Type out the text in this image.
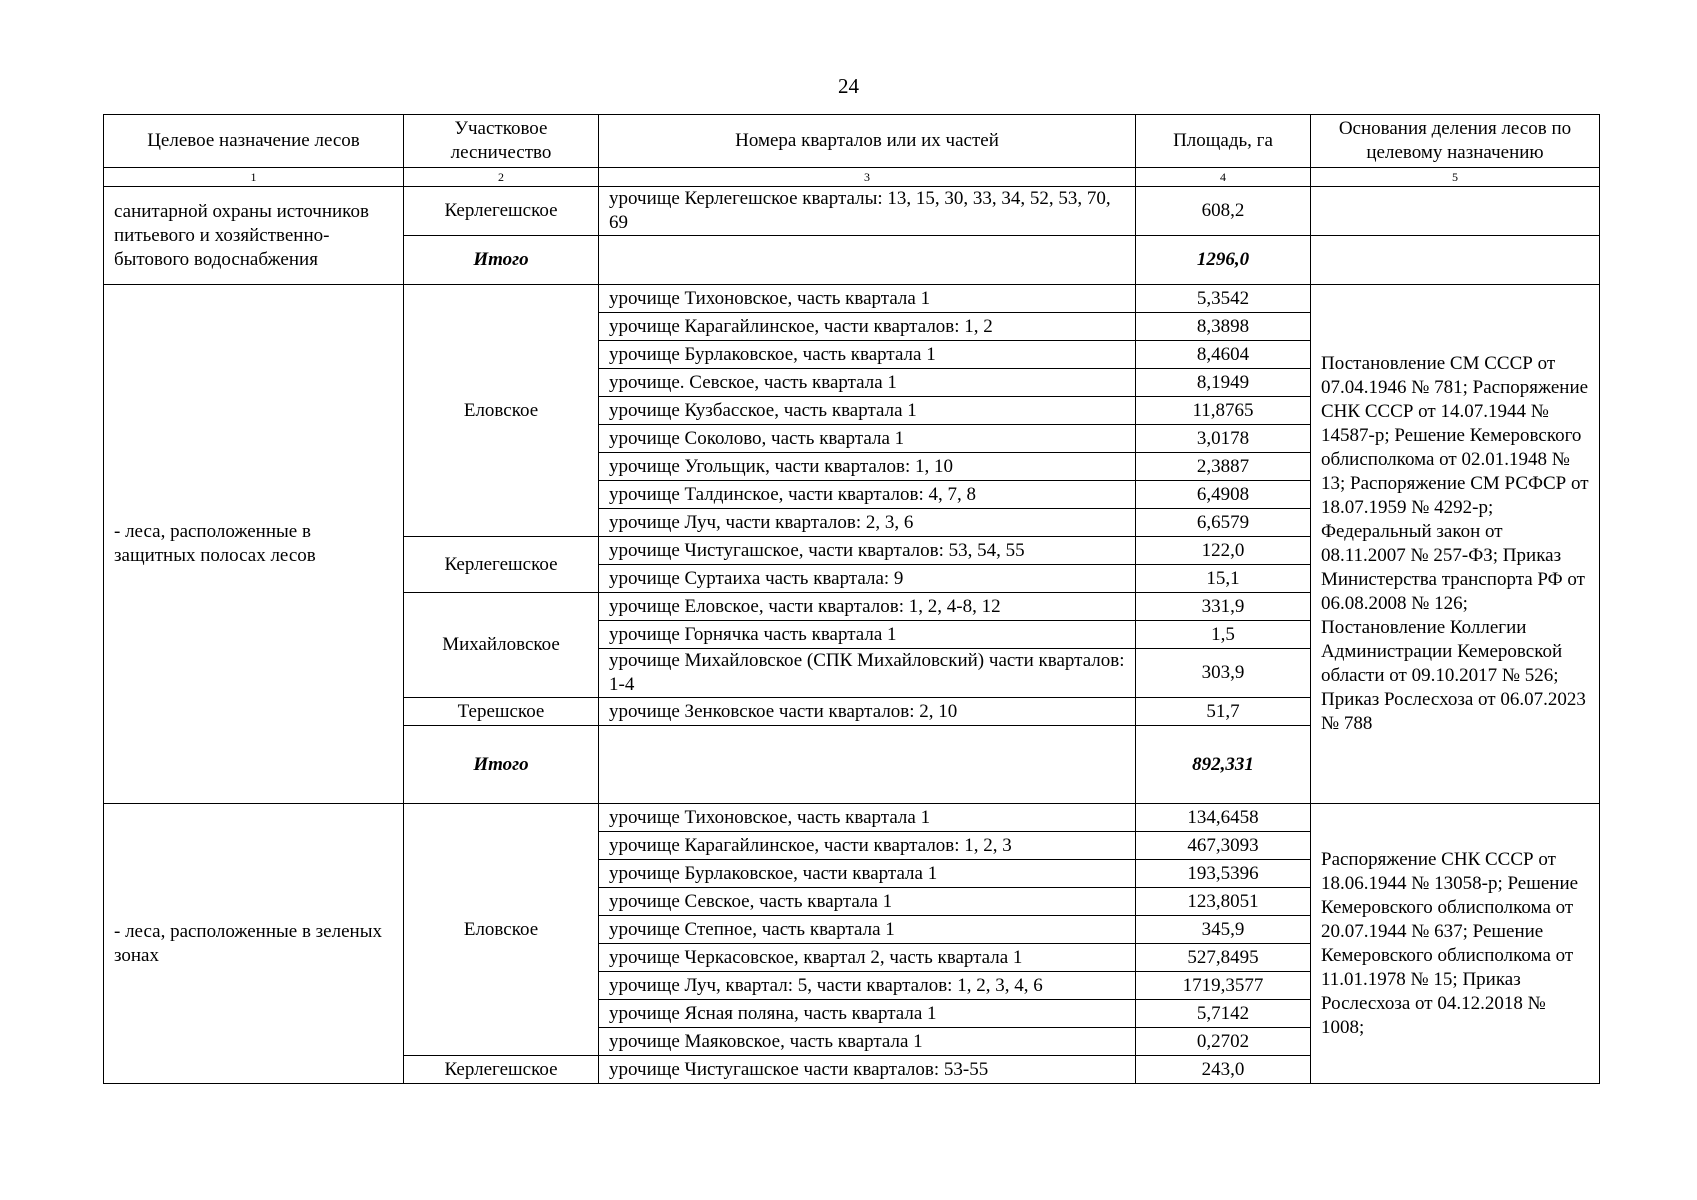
24
Целевое назначение лесов	Участковое лесничество	Номера кварталов или их частей	Площадь, га	Основания деления лесов по целевому назначению
1	2	3	4	5
санитарной охраны источников питьевого и хозяйственно-бытового водоснабжения	Керлегешское	урочище Керлегешское кварталы: 13, 15, 30, 33, 34, 52, 53, 70, 69	608,2	
	Итого		1296,0	
- леса, расположенные в защитных полосах лесов	Еловское	урочище Тихоновское, часть квартала 1	5,3542	Постановление СМ СССР от 07.04.1946 № 781; Распоряжение СНК СССР от 14.07.1944 № 14587-р; Решение Кемеровского облисполкома от 02.01.1948 № 13; Распоряжение СМ РСФСР от 18.07.1959 № 4292-р; Федеральный закон от 08.11.2007 № 257-ФЗ; Приказ Министерства транспорта РФ от 06.08.2008 № 126; Постановление Коллегии Администрации Кемеровской области от 09.10.2017 № 526; Приказ Рослесхоза от 06.07.2023 № 788
		урочище Карагайлинское, части кварталов: 1, 2	8,3898	
		урочище Бурлаковское, часть квартала 1	8,4604	
		урочище. Севское, часть квартала 1	8,1949	
		урочище Кузбасское, часть квартала 1	11,8765	
		урочище Соколово, часть квартала 1	3,0178	
		урочище Угольщик, части кварталов: 1, 10	2,3887	
		урочище Талдинское, части кварталов: 4, 7, 8	6,4908	
		урочище Луч, части кварталов: 2, 3, 6	6,6579	
	Керлегешское	урочище Чистугашское, части кварталов: 53, 54, 55	122,0	
		урочище Суртаиха часть квартала: 9	15,1	
	Михайловское	урочище Еловское, части кварталов: 1, 2, 4-8, 12	331,9	
		урочище Горнячка часть квартала 1	1,5	
		урочище Михайловское (СПК Михайловский) части кварталов: 1-4	303,9	
	Терешское	урочище Зенковское части кварталов: 2, 10	51,7	
	Итого		892,331	
- леса, расположенные в зеленых зонах	Еловское	урочище Тихоновское, часть квартала 1	134,6458	Распоряжение СНК СССР от 18.06.1944 № 13058-р; Решение Кемеровского облисполкома от 20.07.1944 № 637; Решение Кемеровского облисполкома от 11.01.1978 № 15; Приказ Рослесхоза от 04.12.2018 № 1008;
		урочище Карагайлинское, части кварталов: 1, 2, 3	467,3093	
		урочище Бурлаковское, части квартала 1	193,5396	
		урочище Севское, часть квартала 1	123,8051	
		урочище Степное, часть квартала 1	345,9	
		урочище Черкасовское, квартал 2, часть квартала 1	527,8495	
		урочище Луч, квартал: 5, части кварталов: 1, 2, 3, 4, 6	1719,3577	
		урочище Ясная поляна, часть квартала 1	5,7142	
		урочище Маяковское, часть квартала 1	0,2702	
	Керлегешское	урочище Чистугашское части кварталов: 53-55	243,0	
